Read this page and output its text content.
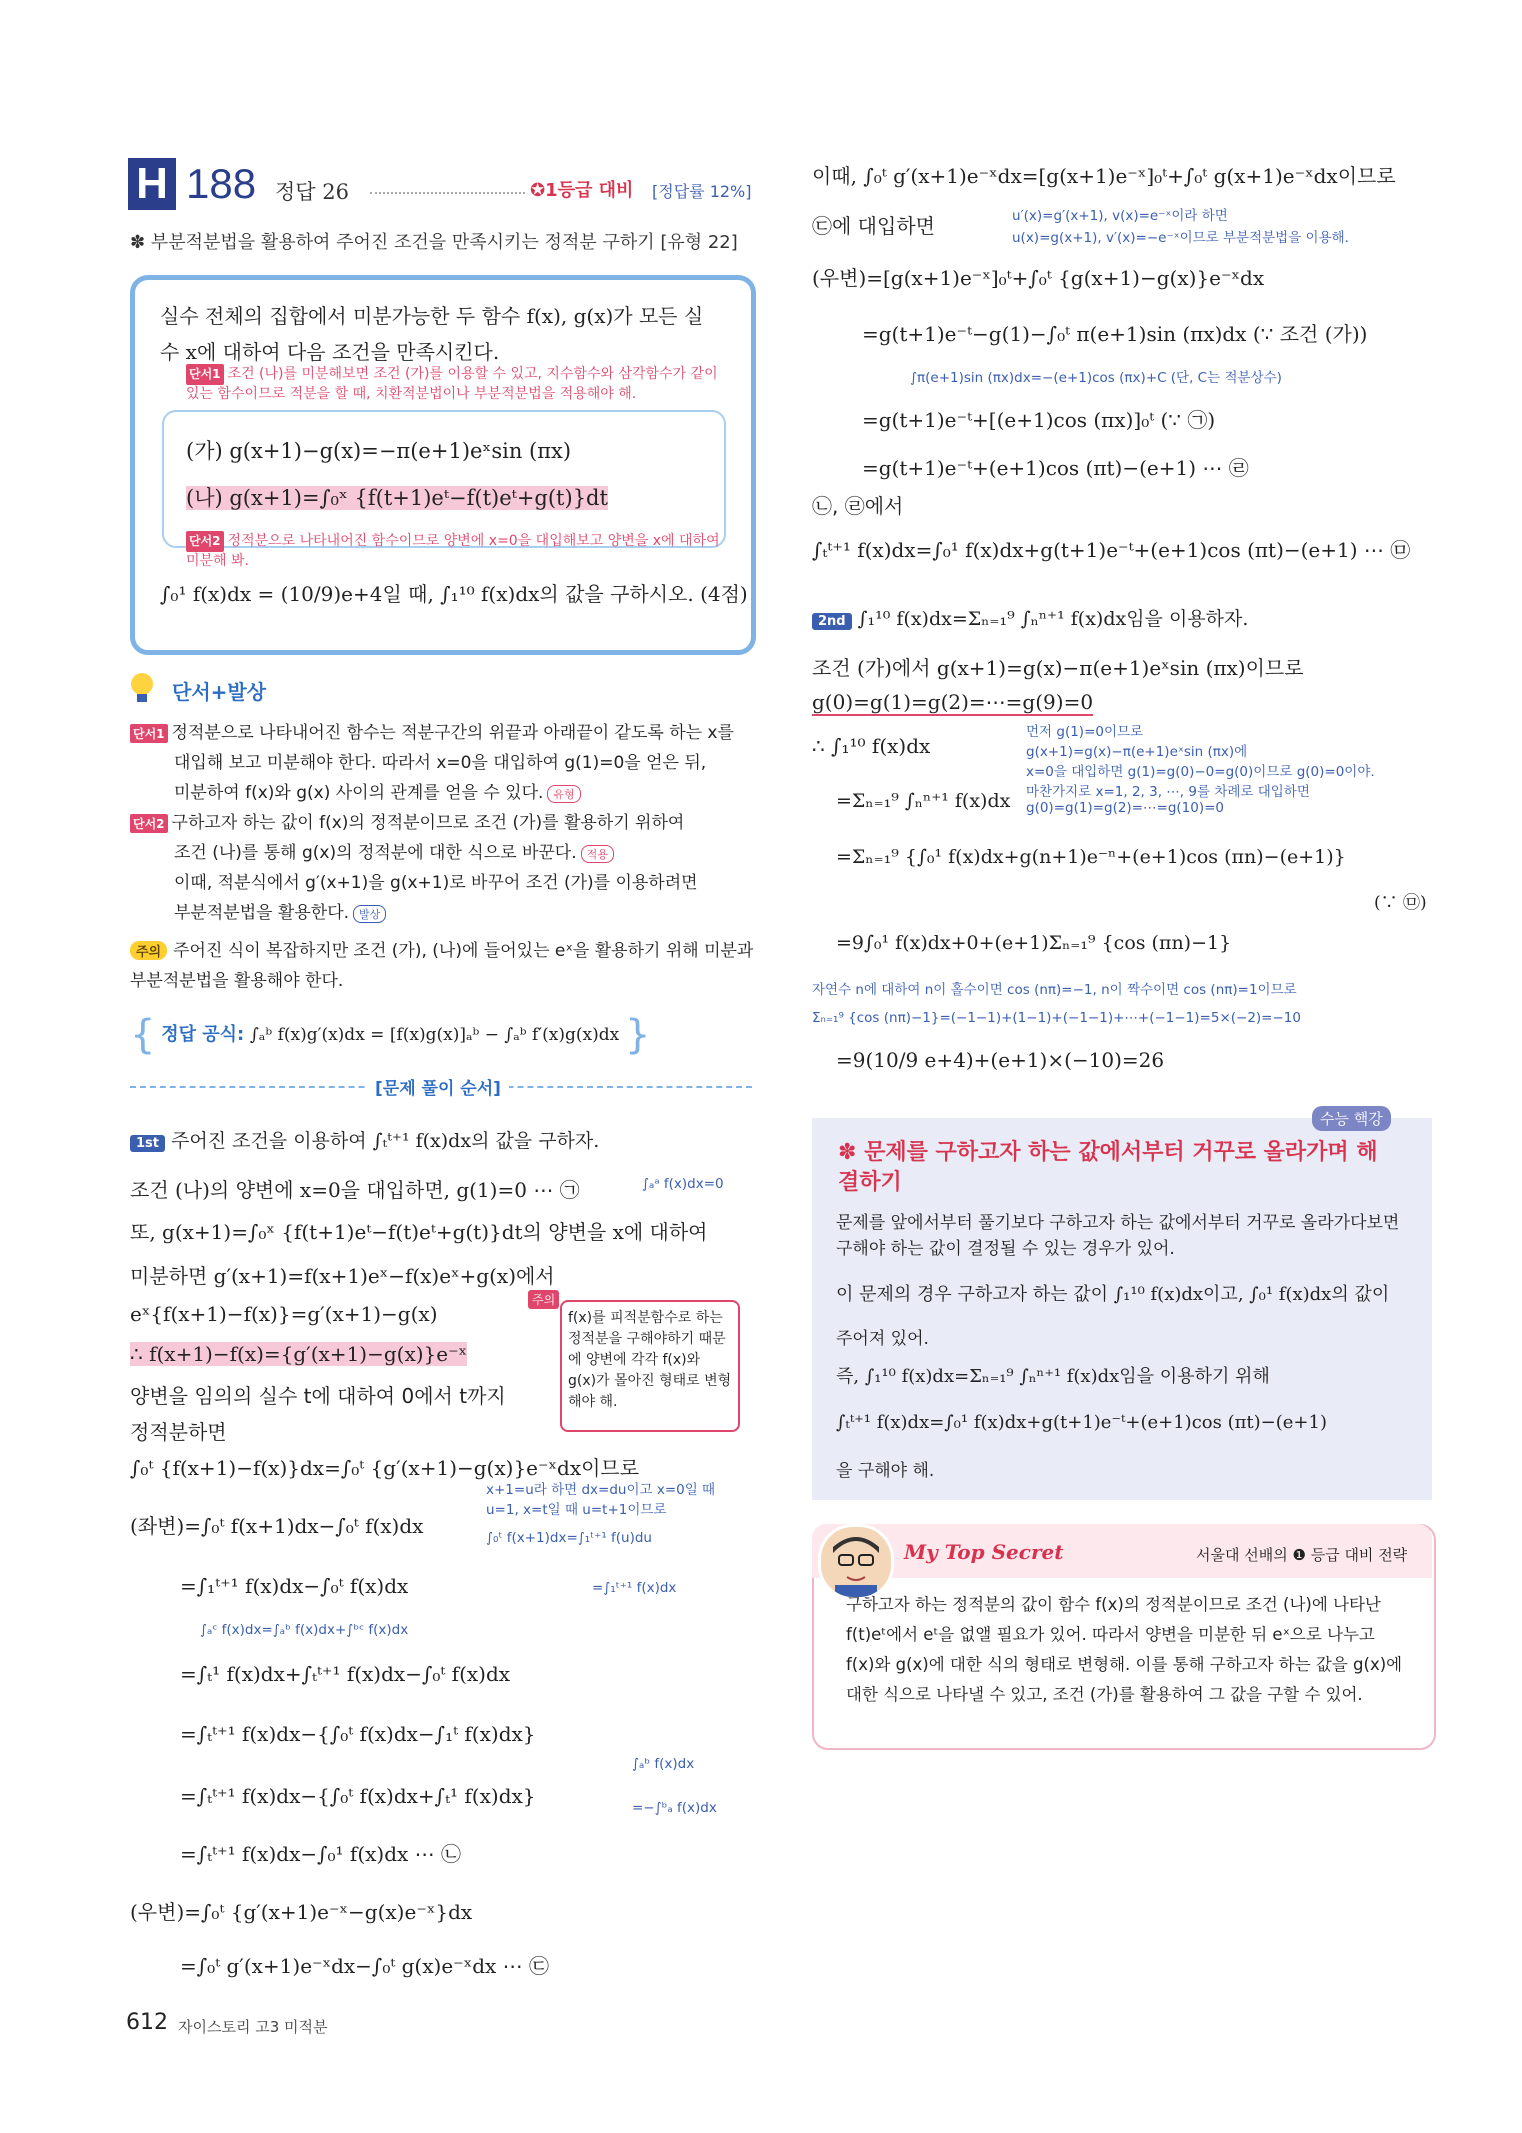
H 188 정답 26	✪1등급 대비 [정답률 12%]
✽ 부분적분법을 활용하여 주어진 조건을 만족시키는 정적분 구하기 [유형 22]
실수 전체의 집합에서 미분가능한 두 함수 f(x), g(x)가 모든 실
수 x에 대하여 다음 조건을 만족시킨다.
단서1 조건 (나)를 미분해보면 조건 (가)를 이용할 수 있고, 지수함수와 삼각함수가 같이 있는 함수이므로 적분을 할 때, 치환적분법이나 부분적분법을 적용해야 해.
(가) g(x+1)−g(x)=−π(e+1)eˣsin (πx)
(나) g(x+1)=∫₀ˣ {f(t+1)eᵗ−f(t)eᵗ+g(t)}dt
단서2 정적분으로 나타내어진 함수이므로 양변에 x=0을 대입해보고 양변을 x에 대하여 미분해 봐.
∫₀¹ f(x)dx = (10/9)e+4일 때, ∫₁¹⁰ f(x)dx의 값을 구하시오. (4점)
단서+발상
단서1 정적분으로 나타내어진 함수는 적분구간의 위끝과 아래끝이 같도록 하는 x를
대입해 보고 미분해야 한다. 따라서 x=0을 대입하여 g(1)=0을 얻은 뒤,
미분하여 f(x)와 g(x) 사이의 관계를 얻을 수 있다. 유형
단서2 구하고자 하는 값이 f(x)의 정적분이므로 조건 (가)를 활용하기 위하여
조건 (나)를 통해 g(x)의 정적분에 대한 식으로 바꾼다. 적용
이때, 적분식에서 g′(x+1)을 g(x+1)로 바꾸어 조건 (가)를 이용하려면
부분적분법을 활용한다. 발상
주의 주어진 식이 복잡하지만 조건 (가), (나)에 들어있는 eˣ을 활용하기 위해 미분과
부분적분법을 활용해야 한다.
{ 정답 공식: ∫ₐᵇ f(x)g′(x)dx = [f(x)g(x)]ₐᵇ − ∫ₐᵇ f′(x)g(x)dx }
[문제 풀이 순서]
1st 주어진 조건을 이용하여 ∫ₜᵗ⁺¹ f(x)dx의 값을 구하자.
조건 (나)의 양변에 x=0을 대입하면, g(1)=0 ⋯ ㉠	∫ₐᵃ f(x)dx=0
또, g(x+1)=∫₀ˣ {f(t+1)eᵗ−f(t)eᵗ+g(t)}dt의 양변을 x에 대하여
미분하면 g′(x+1)=f(x+1)eˣ−f(x)eˣ+g(x)에서
eˣ{f(x+1)−f(x)}=g′(x+1)−g(x)
∴ f(x+1)−f(x)={g′(x+1)−g(x)}e⁻ˣ
양변을 임의의 실수 t에 대하여 0에서 t까지
정적분하면
주의
f(x)를 피적분함수로 하는 정적분을 구해야하기 때문에 양변에 각각 f(x)와 g(x)가 몰아진 형태로 변형해야 해.
∫₀ᵗ {f(x+1)−f(x)}dx=∫₀ᵗ {g′(x+1)−g(x)}e⁻ˣdx이므로
(좌변)=∫₀ᵗ f(x+1)dx−∫₀ᵗ f(x)dx
x+1=u라 하면 dx=du이고 x=0일 때
u=1, x=t일 때 u=t+1이므로
∫₀ᵗ f(x+1)dx=∫₁ᵗ⁺¹ f(u)du
=∫₁ᵗ⁺¹ f(x)dx−∫₀ᵗ f(x)dx	=∫₁ᵗ⁺¹ f(x)dx
∫ₐᶜ f(x)dx=∫ₐᵇ f(x)dx+∫ᵇᶜ f(x)dx
=∫ₜ¹ f(x)dx+∫ₜᵗ⁺¹ f(x)dx−∫₀ᵗ f(x)dx
=∫ₜᵗ⁺¹ f(x)dx−{∫₀ᵗ f(x)dx−∫₁ᵗ f(x)dx}
=∫ₜᵗ⁺¹ f(x)dx−{∫₀ᵗ f(x)dx+∫ₜ¹ f(x)dx}
∫ₐᵇ f(x)dx
=−∫ᵇₐ f(x)dx
=∫ₜᵗ⁺¹ f(x)dx−∫₀¹ f(x)dx ⋯ ㉡
(우변)=∫₀ᵗ {g′(x+1)e⁻ˣ−g(x)e⁻ˣ}dx
=∫₀ᵗ g′(x+1)e⁻ˣdx−∫₀ᵗ g(x)e⁻ˣdx ⋯ ㉢
이때, ∫₀ᵗ g′(x+1)e⁻ˣdx=[g(x+1)e⁻ˣ]₀ᵗ+∫₀ᵗ g(x+1)e⁻ˣdx이므로
㉢에 대입하면	u′(x)=g′(x+1), v(x)=e⁻ˣ이라 하면
u(x)=g(x+1), v′(x)=−e⁻ˣ이므로 부분적분법을 이용해.
(우변)=[g(x+1)e⁻ˣ]₀ᵗ+∫₀ᵗ {g(x+1)−g(x)}e⁻ˣdx
=g(t+1)e⁻ᵗ−g(1)−∫₀ᵗ π(e+1)sin (πx)dx (∵ 조건 (가))
∫π(e+1)sin (πx)dx=−(e+1)cos (πx)+C (단, C는 적분상수)
=g(t+1)e⁻ᵗ+[(e+1)cos (πx)]₀ᵗ (∵ ㉠)
=g(t+1)e⁻ᵗ+(e+1)cos (πt)−(e+1) ⋯ ㉣
㉡, ㉣에서
∫ₜᵗ⁺¹ f(x)dx=∫₀¹ f(x)dx+g(t+1)e⁻ᵗ+(e+1)cos (πt)−(e+1) ⋯ ㉤
2nd ∫₁¹⁰ f(x)dx=Σₙ₌₁⁹ ∫ₙⁿ⁺¹ f(x)dx임을 이용하자.
조건 (가)에서 g(x+1)=g(x)−π(e+1)eˣsin (πx)이므로
g(0)=g(1)=g(2)=⋯=g(9)=0
∴ ∫₁¹⁰ f(x)dx
먼저 g(1)=0이므로
g(x+1)=g(x)−π(e+1)eˣsin (πx)에
x=0을 대입하면 g(1)=g(0)−0=g(0)이므로 g(0)=0이야.
마찬가지로 x=1, 2, 3, ⋯, 9를 차례로 대입하면
g(0)=g(1)=g(2)=⋯=g(10)=0
=Σₙ₌₁⁹ ∫ₙⁿ⁺¹ f(x)dx
=Σₙ₌₁⁹ {∫₀¹ f(x)dx+g(n+1)e⁻ⁿ+(e+1)cos (πn)−(e+1)}
(∵ ㉤)
=9∫₀¹ f(x)dx+0+(e+1)Σₙ₌₁⁹ {cos (πn)−1}
자연수 n에 대하여 n이 홀수이면 cos (nπ)=−1, n이 짝수이면 cos (nπ)=1이므로
Σₙ₌₁⁹ {cos (nπ)−1}=(−1−1)+(1−1)+(−1−1)+⋯+(−1−1)=5×(−2)=−10
=9(10/9 e+4)+(e+1)×(−10)=26
수능 핵강
✽ 문제를 구하고자 하는 값에서부터 거꾸로 올라가며 해결하기
문제를 앞에서부터 풀기보다 구하고자 하는 값에서부터 거꾸로 올라가다보면 구해야 하는 값이 결정될 수 있는 경우가 있어.
이 문제의 경우 구하고자 하는 값이 ∫₁¹⁰ f(x)dx이고, ∫₀¹ f(x)dx의 값이
주어져 있어.
즉, ∫₁¹⁰ f(x)dx=Σₙ₌₁⁹ ∫ₙⁿ⁺¹ f(x)dx임을 이용하기 위해
∫ₜᵗ⁺¹ f(x)dx=∫₀¹ f(x)dx+g(t+1)e⁻ᵗ+(e+1)cos (πt)−(e+1)
을 구해야 해.
My Top Secret	서울대 선배의 ❶ 등급 대비 전략
구하고자 하는 정적분의 값이 함수 f(x)의 정적분이므로 조건 (나)에 나타난 f(t)eᵗ에서 eᵗ을 없앨 필요가 있어. 따라서 양변을 미분한 뒤 eˣ으로 나누고 f(x)와 g(x)에 대한 식의 형태로 변형해. 이를 통해 구하고자 하는 값을 g(x)에 대한 식으로 나타낼 수 있고, 조건 (가)를 활용하여 그 값을 구할 수 있어.
612 자이스토리 고3 미적분
